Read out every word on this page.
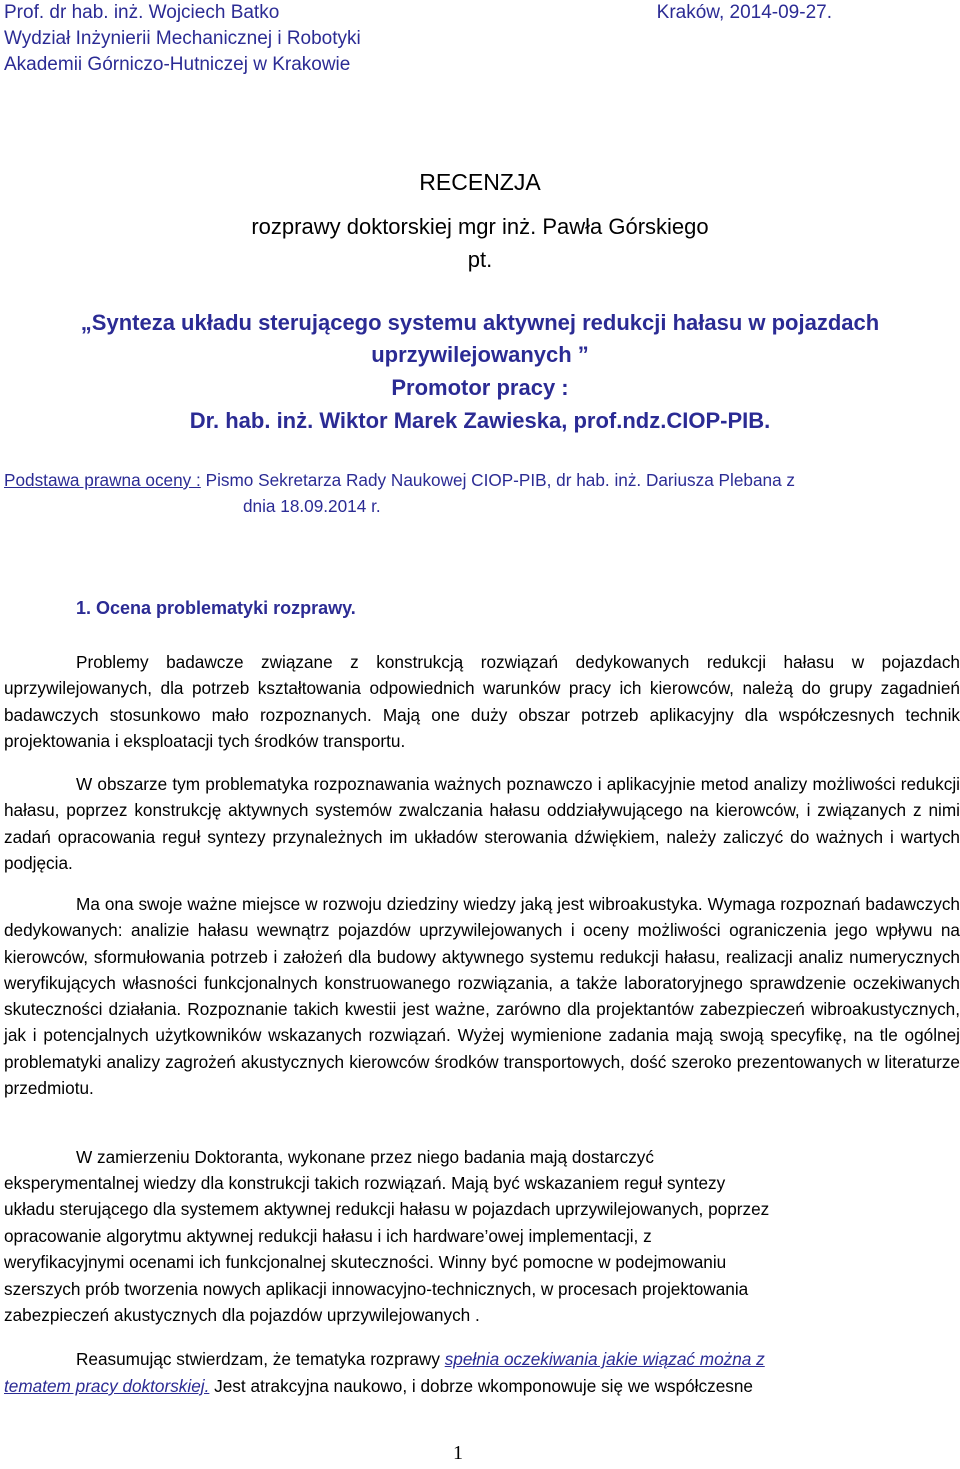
Prof. dr hab. inż. Wojciech Batko	Kraków, 2014-09-27.
Wydział Inżynierii Mechanicznej i Robotyki
Akademii Górniczo-Hutniczej w Krakowie
RECENZJA
rozprawy doktorskiej mgr inż. Pawła Górskiego
pt.
„Synteza układu sterującego systemu aktywnej redukcji hałasu w pojazdach
uprzywilejowanych ”
Promotor pracy :
Dr. hab. inż. Wiktor Marek Zawieska, prof.ndz.CIOP-PIB.
Podstawa prawna oceny : Pismo Sekretarza Rady Naukowej CIOP-PIB, dr hab. inż. Dariusza Plebana z
dnia 18.09.2014 r.
1. Ocena problematyki rozprawy.

Problemy badawcze związane z konstrukcją rozwiązań dedykowanych redukcji hałasu w pojazdach uprzywilejowanych, dla potrzeb kształtowania odpowiednich warunków pracy ich kierowców, należą do grupy zagadnień badawczych stosunkowo mało rozpoznanych. Mają one duży obszar potrzeb aplikacyjny dla współczesnych technik projektowania i eksploatacji tych środków transportu.

W obszarze tym problematyka rozpoznawania ważnych poznawczo i aplikacyjnie metod analizy możliwości redukcji hałasu, poprzez konstrukcję aktywnych systemów zwalczania hałasu oddziaływującego na kierowców, i związanych z nimi zadań opracowania reguł syntezy przynależnych im układów sterowania dźwiękiem, należy zaliczyć do ważnych i wartych podjęcia.

Ma ona swoje ważne miejsce w rozwoju dziedziny wiedzy jaką jest wibroakustyka. Wymaga rozpoznań badawczych dedykowanych: analizie hałasu wewnątrz pojazdów uprzywilejowanych i oceny możliwości ograniczenia jego wpływu na kierowców, sformułowania potrzeb i założeń dla budowy aktywnego systemu redukcji hałasu, realizacji analiz numerycznych weryfikujących własności funkcjonalnych konstruowanego rozwiązania, a także laboratoryjnego sprawdzenie oczekiwanych skuteczności działania. Rozpoznanie takich kwestii jest ważne, zarówno dla projektantów zabezpieczeń wibroakustycznych, jak i potencjalnych użytkowników wskazanych rozwiązań. Wyżej wymienione zadania mają swoją specyfikę, na tle ogólnej problematyki analizy zagrożeń akustycznych kierowców środków transportowych, dość szeroko prezentowanych w literaturze przedmiotu.

W zamierzeniu Doktoranta, wykonane przez niego badania mają dostarczyć
eksperymentalnej wiedzy dla konstrukcji takich rozwiązań. Mają być wskazaniem reguł syntezy
układu sterującego dla systemem aktywnej redukcji hałasu w pojazdach uprzywilejowanych, poprzez
opracowanie algorytmu aktywnej redukcji hałasu i ich hardware’owej implementacji, z
weryfikacyjnymi ocenami ich funkcjonalnej skuteczności. Winny być pomocne w podejmowaniu
szerszych prób tworzenia nowych aplikacji innowacyjno-technicznych, w procesach projektowania
zabezpieczeń akustycznych dla pojazdów uprzywilejowanych .
Reasumując stwierdzam, że tematyka rozprawy spełnia oczekiwania jakie wiązać można z
tematem pracy doktorskiej. Jest atrakcyjna naukowo, i dobrze wkomponowuje się we współczesne
1
